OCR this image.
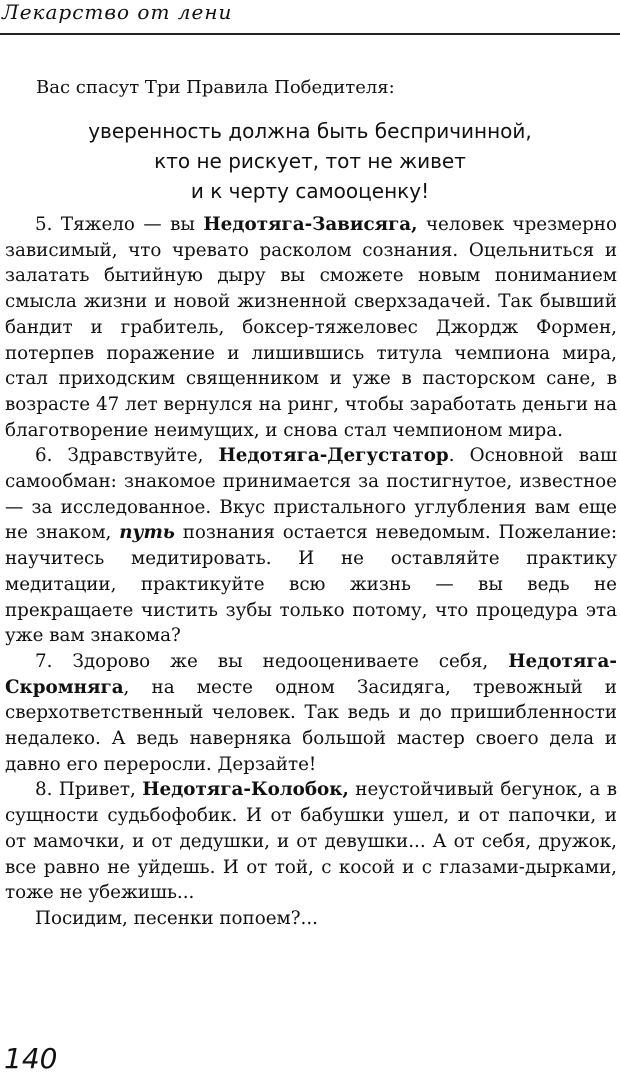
Лекарство от лени
Вас спасут Три Правила Победителя:
уверенность должна быть беспричинной,
кто не рискует, тот не живет
и к черту самооценку!

5. Тяжело — вы Недотяга-Зависяга, человек чрезмерно зависимый, что чревато расколом сознания. Оцельниться и залатать бытийную дыру вы сможете новым пониманием смысла жизни и новой жизненной сверхзадачей. Так бывший бандит и грабитель, боксер-тяжеловес Джордж Формен, потерпев поражение и лишившись титула чемпиона мира, стал приходским священником и уже в пасторском сане, в возрасте 47 лет вернулся на ринг, чтобы заработать деньги на благотворение неимущих, и снова стал чемпионом мира.

6. Здравствуйте, Недотяга-Дегустатор. Основной ваш самообман: знакомое принимается за постигнутое, известное — за исследованное. Вкус пристального углубления вам еще не знаком, путь познания остается неведомым. Пожелание: научитесь медитировать. И не оставляйте практику медитации, практикуйте всю жизнь — вы ведь не прекращаете чистить зубы только потому, что процедура эта уже вам знакома?

7. Здорово же вы недооцениваете себя, Недотяга-Скромняга, на месте одном Засидяга, тревожный и сверхответственный человек. Так ведь и до пришибленности недалеко. А ведь наверняка большой мастер своего дела и давно его переросли. Дерзайте!

8. Привет, Недотяга-Колобок, неустойчивый бегунок, а в сущности судьбофобик. И от бабушки ушел, и от папочки, и от мамочки, и от дедушки, и от девушки... А от себя, дружок, все равно не уйдешь. И от той, с косой и с глазами-дырками, тоже не убежишь...

Посидим, песенки попоем?...

140
